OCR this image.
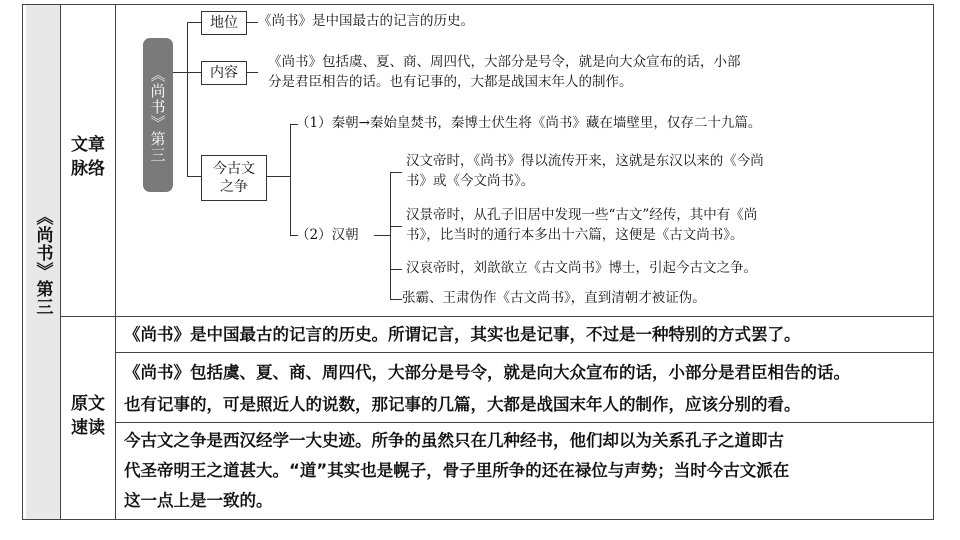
《尚书》第三
文章
脉络
原文
速读
《尚书》第三
地位 《尚书》是中国最古的记言的历史。
内容
《尚书》包括虞、夏、商、周四代，大部分是号令，就是向大众宣布的话，小部
分是君臣相告的话。也有记事的，大都是战国末年人的制作。
今古文
之争
（1）秦朝→秦始皇焚书，秦博士伏生将《尚书》藏在墙壁里，仅存二十九篇。
（2）汉朝
汉文帝时，《尚书》得以流传开来，这就是东汉以来的《今尚
书》或《今文尚书》。
汉景帝时，从孔子旧居中发现一些“古文”经传，其中有《尚
书》，比当时的通行本多出十六篇，这便是《古文尚书》。
汉哀帝时，刘歆欲立《古文尚书》博士，引起今古文之争。
张霸、王肃伪作《古文尚书》，直到清朝才被证伪。
《尚书》是中国最古的记言的历史。所谓记言，其实也是记事，不过是一种特别的方式罢了。
《尚书》包括虞、夏、商、周四代，大部分是号令，就是向大众宣布的话，小部分是君臣相告的话。
也有记事的，可是照近人的说数，那记事的几篇，大都是战国末年人的制作，应该分别的看。
今古文之争是西汉经学一大史迹。所争的虽然只在几种经书，他们却以为关系孔子之道即古
代圣帝明王之道甚大。“道”其实也是幌子，骨子里所争的还在禄位与声势；当时今古文派在
这一点上是一致的。
